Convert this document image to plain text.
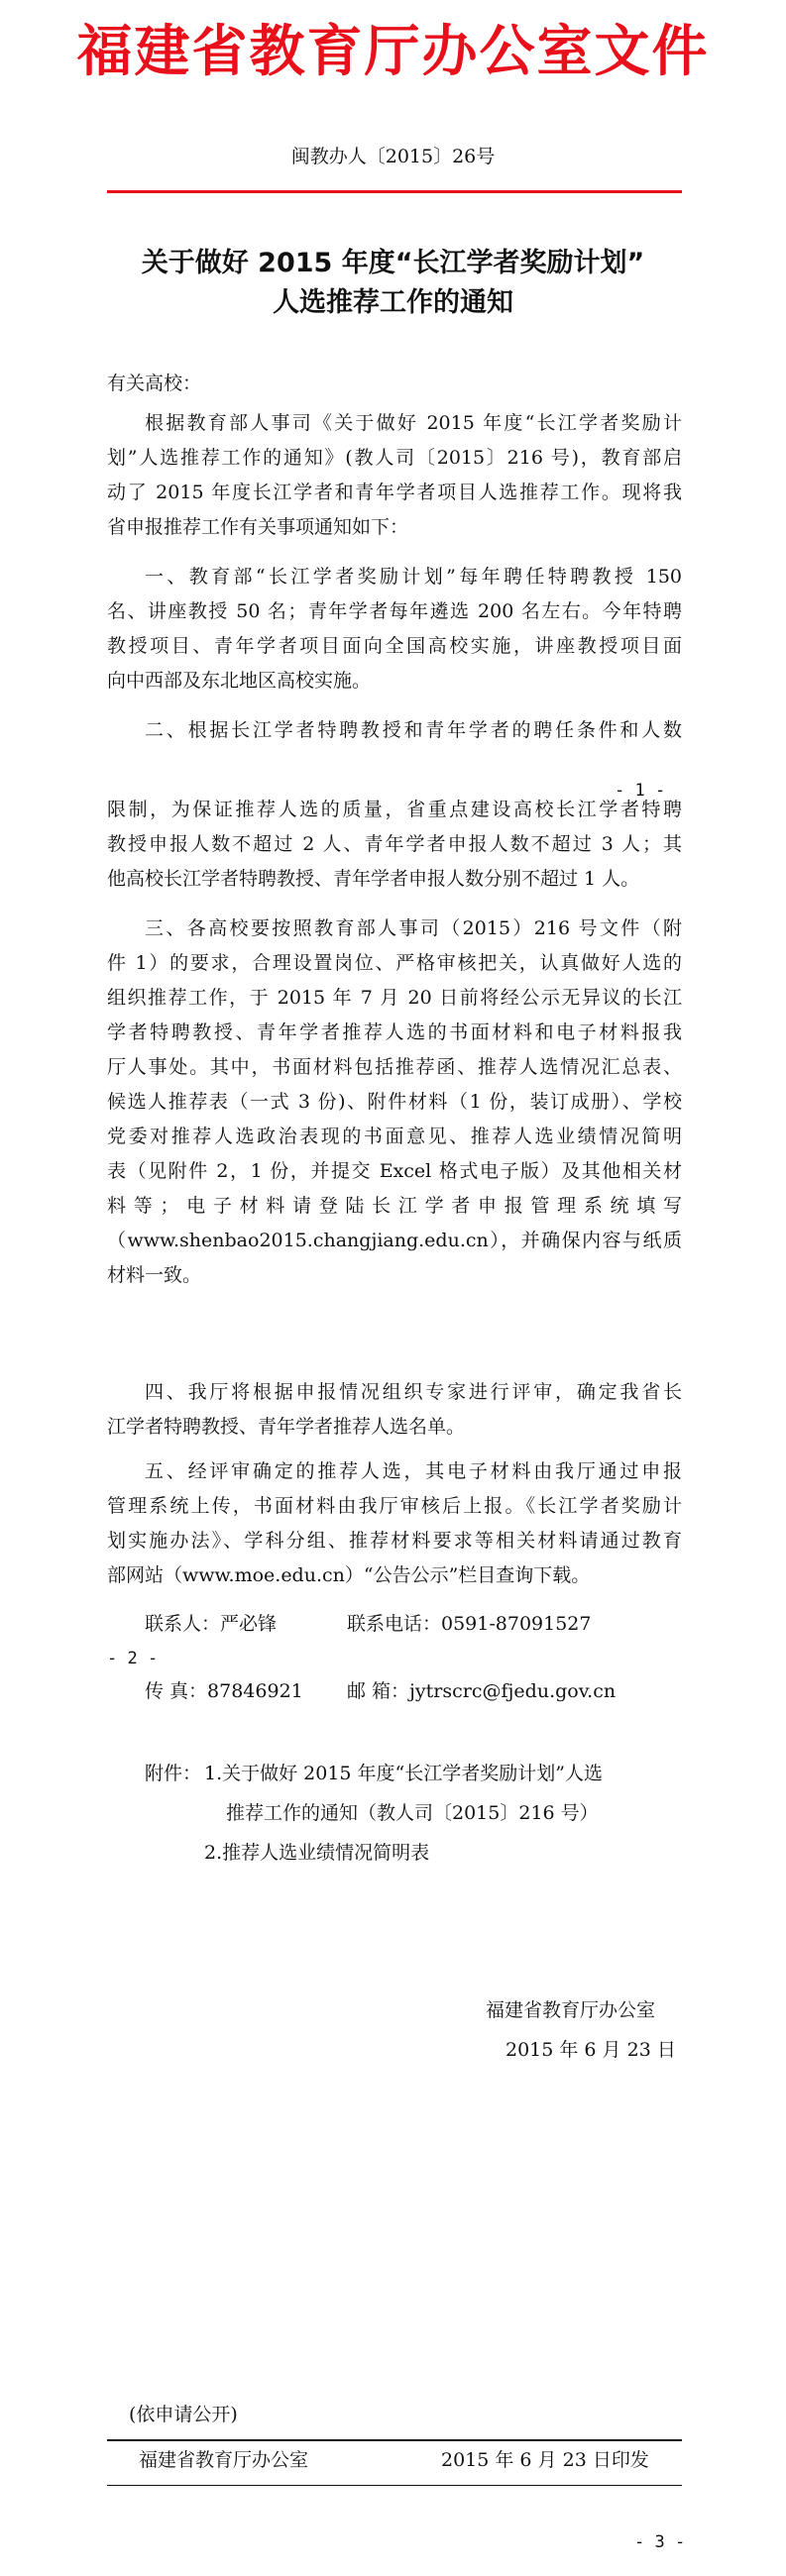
福建省教育厅办公室文件
闽教办人〔2015〕26号
关于做好 2015 年度“长江学者奖励计划”
人选推荐工作的通知
有关高校：
根据教育部人事司《关于做好 2015 年度“长江学者奖励计
划”人选推荐工作的通知》(教人司〔2015〕216 号)，教育部启
动了 2015 年度长江学者和青年学者项目人选推荐工作。现将我
省申报推荐工作有关事项通知如下：
一、教育部“长江学者奖励计划”每年聘任特聘教授 150
名、讲座教授 50 名；青年学者每年遴选 200 名左右。今年特聘
教授项目、青年学者项目面向全国高校实施，讲座教授项目面
向中西部及东北地区高校实施。
二、根据长江学者特聘教授和青年学者的聘任条件和人数
- 1 -
限制，为保证推荐人选的质量，省重点建设高校长江学者特聘
教授申报人数不超过 2 人、青年学者申报人数不超过 3 人；其
他高校长江学者特聘教授、青年学者申报人数分别不超过 1 人。
三、各高校要按照教育部人事司（2015）216 号文件（附
件 1）的要求，合理设置岗位、严格审核把关，认真做好人选的
组织推荐工作，于 2015 年 7 月 20 日前将经公示无异议的长江
学者特聘教授、青年学者推荐人选的书面材料和电子材料报我
厅人事处。其中，书面材料包括推荐函、推荐人选情况汇总表、
候选人推荐表（一式 3 份)、附件材料（1 份，装订成册）、学校
党委对推荐人选政治表现的书面意见、推荐人选业绩情况简明
表（见附件 2，1 份，并提交 Excel 格式电子版）及其他相关材
料等；电子材料请登陆长江学者申报管理系统填写
（www.shenbao2015.changjiang.edu.cn），并确保内容与纸质
材料一致。
四、我厅将根据申报情况组织专家进行评审，确定我省长
江学者特聘教授、青年学者推荐人选名单。
五、经评审确定的推荐人选，其电子材料由我厅通过申报
管理系统上传，书面材料由我厅审核后上报。《长江学者奖励计
划实施办法》、学科分组、推荐材料要求等相关材料请通过教育
部网站（www.moe.edu.cn）“公告公示”栏目查询下载。
联系人：严必锋	联系电话：0591-87091527
- 2 -
传 真：87846921 邮 箱：jytrscrc@fjedu.gov.cn
附件： 1.关于做好 2015 年度“长江学者奖励计划”人选
推荐工作的通知（教人司〔2015〕216 号）
2.推荐人选业绩情况简明表
福建省教育厅办公室
2015 年 6 月 23 日
(依申请公开)
福建省教育厅办公室	2015 年 6 月 23 日印发
- 3 -
